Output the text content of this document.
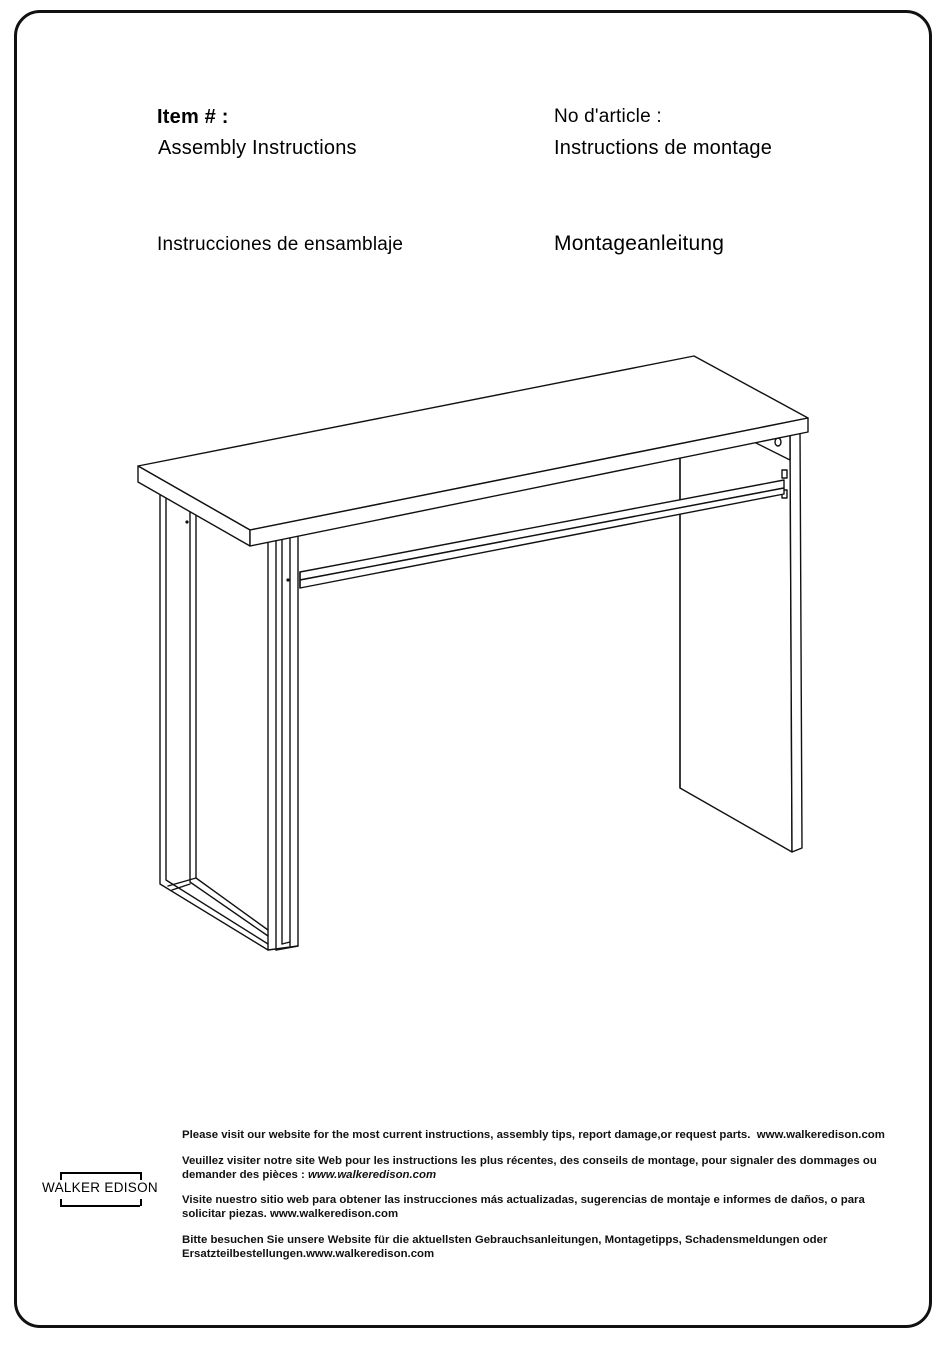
Item # :
Assembly Instructions
No d'article :
Instructions de montage
Instrucciones de ensamblaje	Montageanleitung
WALKER EDISON
Please visit our website for the most current instructions, assembly tips, report damage,or request parts. www.walkeredison.com
Veuillez visiter notre site Web pour les instructions les plus récentes, des conseils de montage, pour signaler des dommages ou demander des pièces : www.walkeredison.com
Visite nuestro sitio web para obtener las instrucciones más actualizadas, sugerencias de montaje e informes de daños, o para solicitar piezas. www.walkeredison.com
Bitte besuchen Sie unsere Website für die aktuellsten Gebrauchsanleitungen, Montagetipps, Schadensmeldungen oder Ersatzteilbestellungen.www.walkeredison.com
